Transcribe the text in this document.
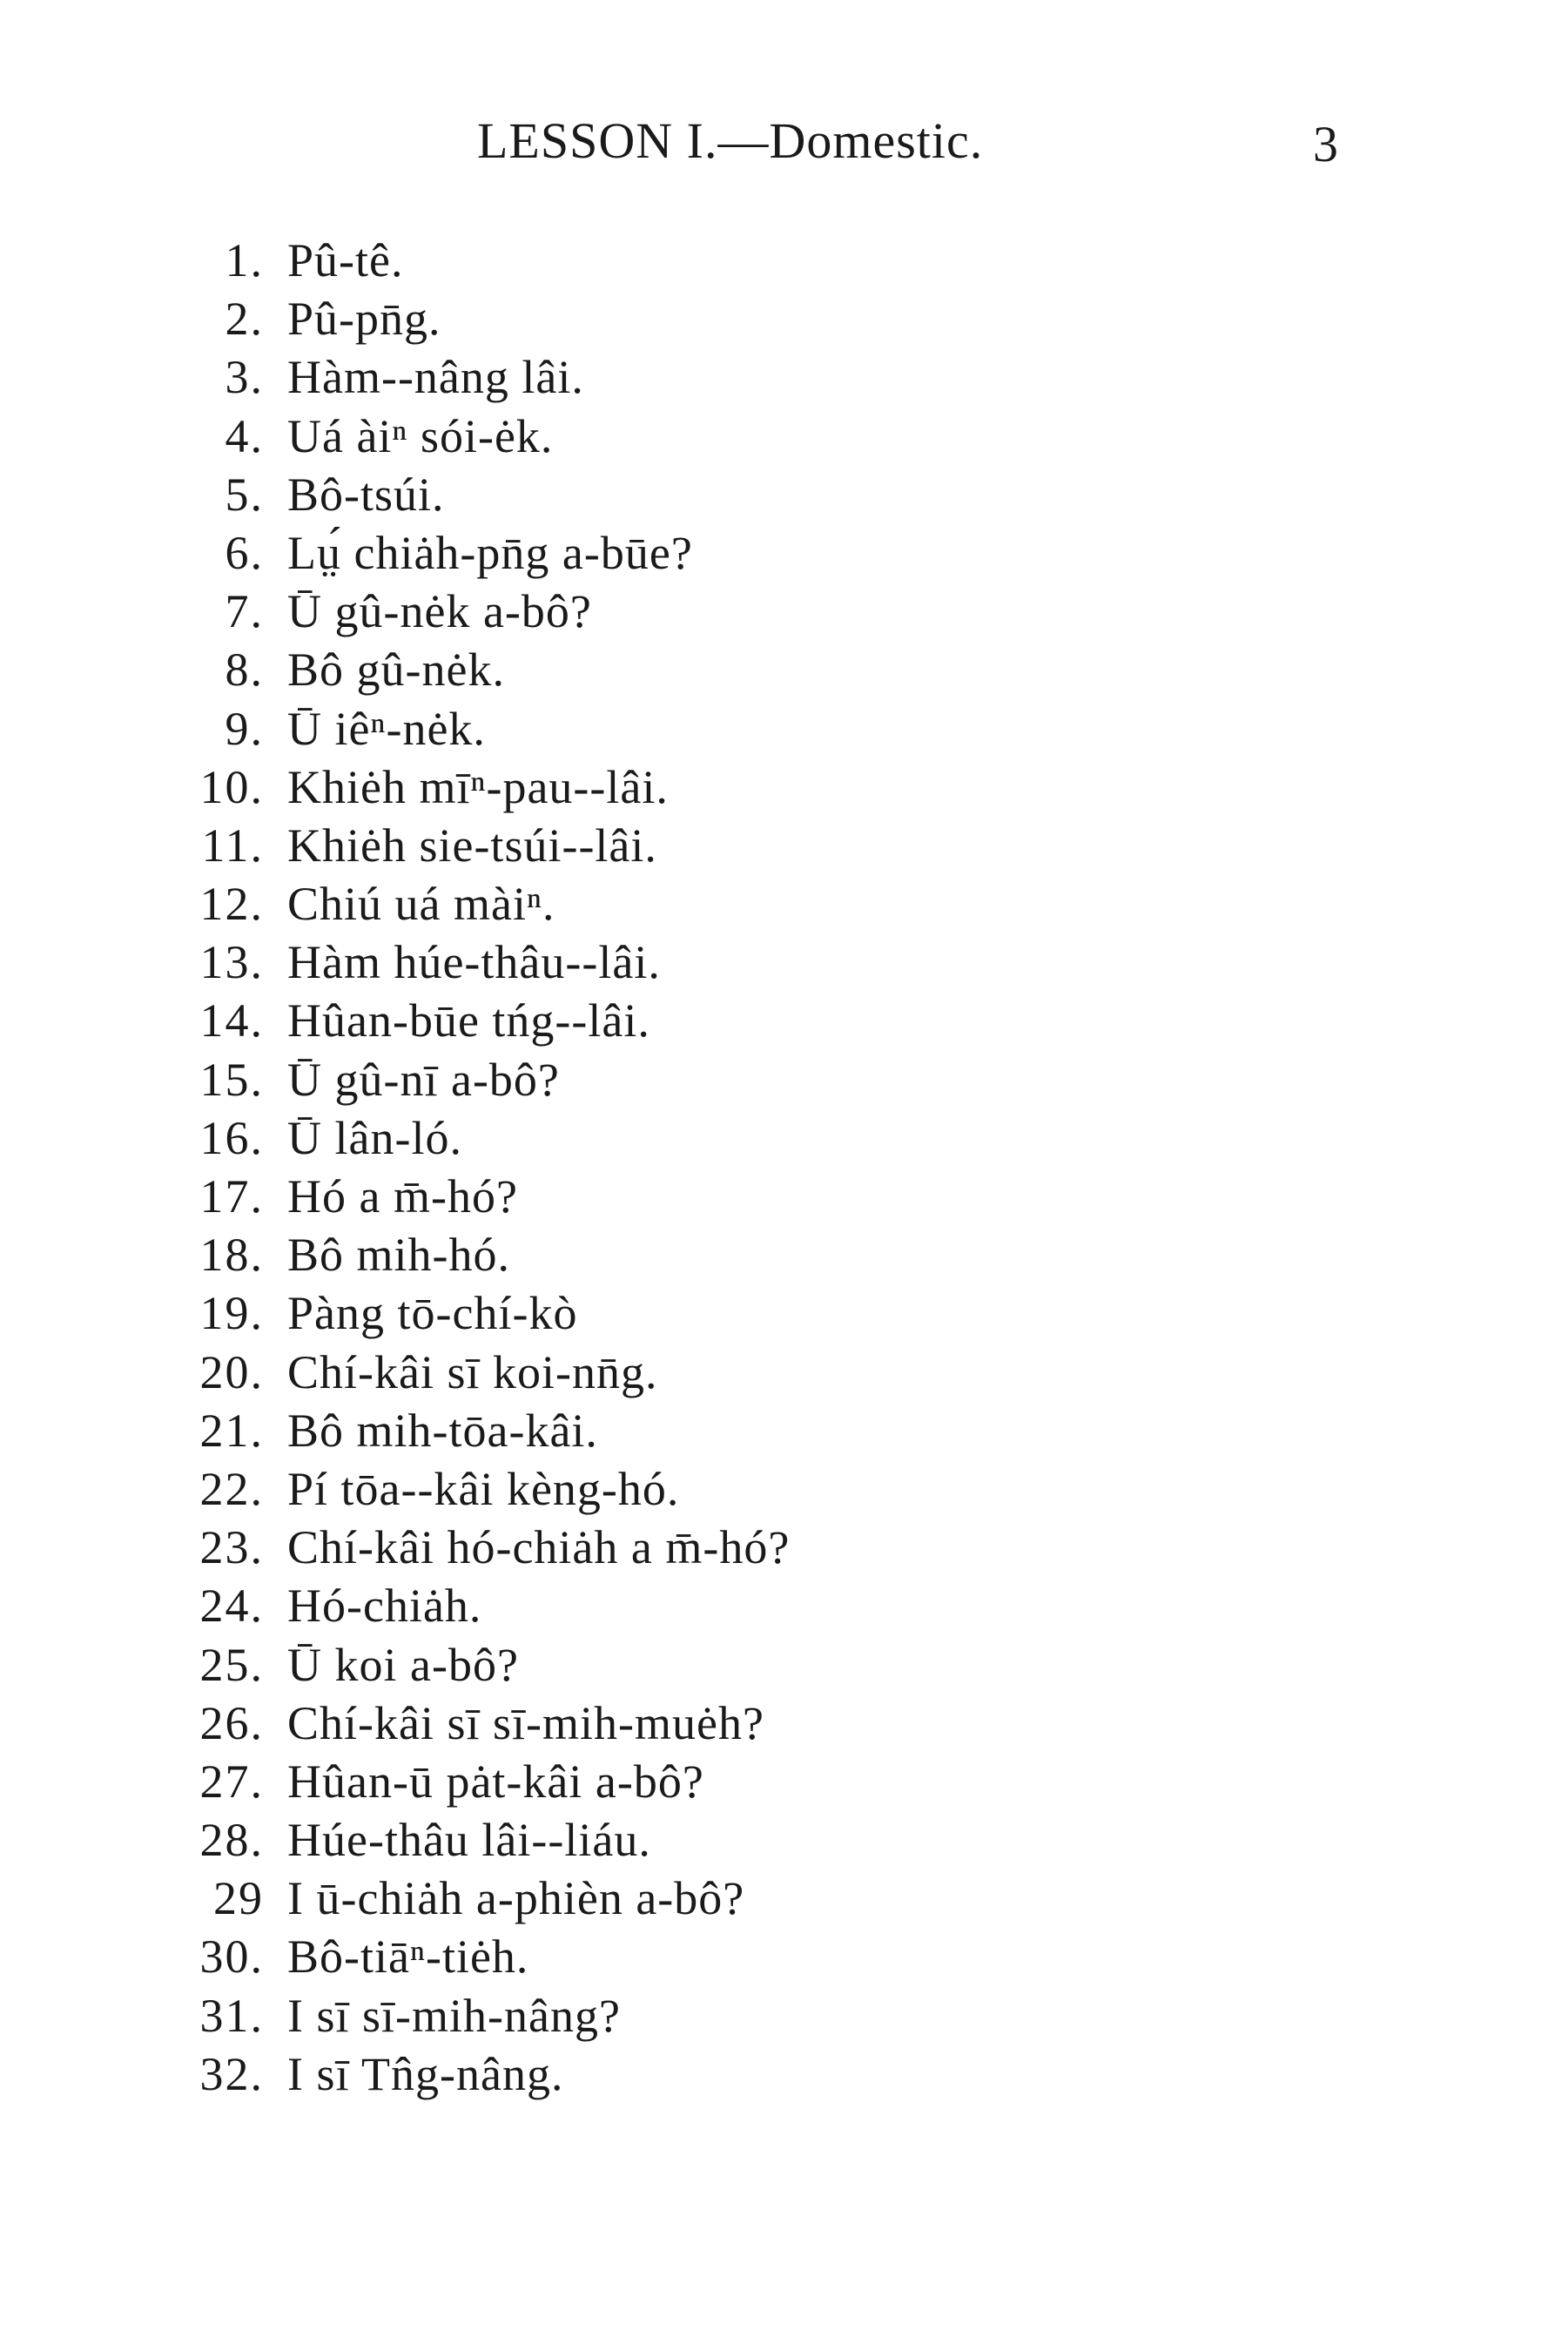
LESSON I.—Domestic.	3
1. Pû-tê.
2. Pû-pn̄g.
3. Hàm--nâng lâi.
4. Uá àiⁿ sói-ėk.
5. Bô-tsúi.
6. Lṳ́ chiȧh-pn̄g a-būe?
7. Ū gû-nėk a-bô?
8. Bô gû-nėk.
9. Ū iêⁿ-nėk.
10. Khiėh mīⁿ-pau--lâi.
11. Khiėh sie-tsúi--lâi.
12. Chiú uá màiⁿ.
13. Hàm húe-thâu--lâi.
14. Hûan-būe tńg--lâi.
15. Ū gû-nī a-bô?
16. Ū lân-ló.
17. Hó a m̄-hó?
18. Bô mih-hó.
19. Pàng tō-chí-kò
20. Chí-kâi sī koi-nn̄g.
21. Bô mih-tōa-kâi.
22. Pí tōa--kâi kèng-hó.
23. Chí-kâi hó-chiȧh a m̄-hó?
24. Hó-chiȧh.
25. Ū koi a-bô?
26. Chí-kâi sī sī-mih-muėh?
27. Hûan-ū pȧt-kâi a-bô?
28. Húe-thâu lâi--liáu.
29 I ū-chiȧh a-phièn a-bô?
30. Bô-tiāⁿ-tiėh.
31. I sī sī-mih-nâng?
32. I sī Tn̂g-nâng.
